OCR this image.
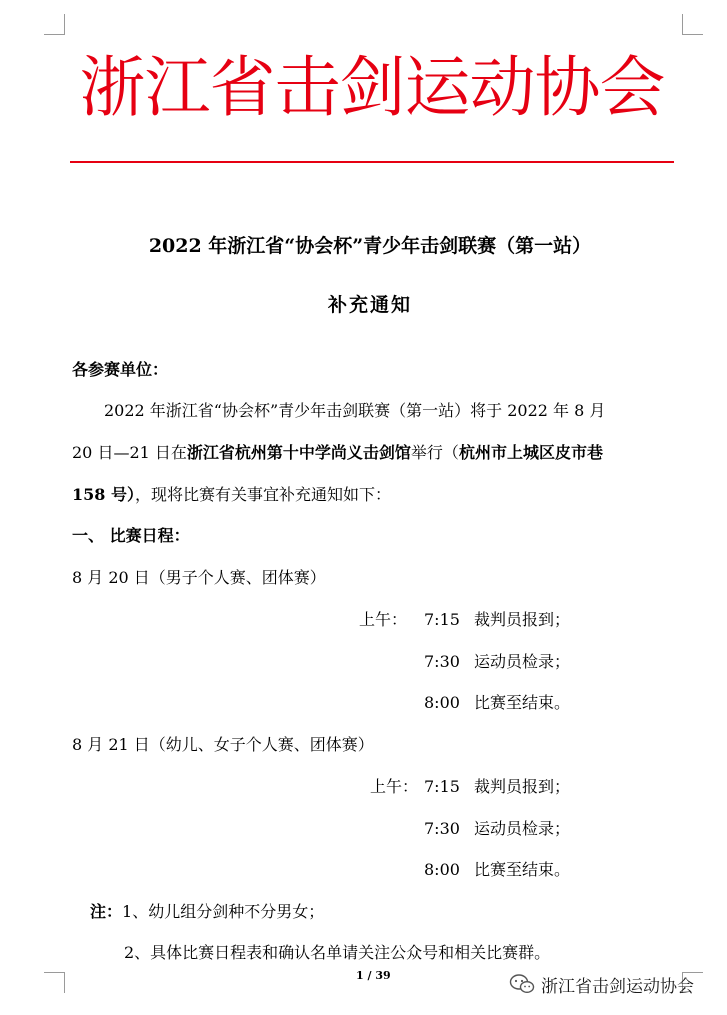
浙江省击剑运动协会
2022 年浙江省“协会杯”青少年击剑联赛（第一站）
补充通知
各参赛单位：
2022 年浙江省“协会杯”青少年击剑联赛（第一站）将于 2022 年 8 月
20 日—21 日在浙江省杭州第十中学尚义击剑馆举行（杭州市上城区皮市巷
158 号），现将比赛有关事宜补充通知如下：
一、 比赛日程：
8 月 20 日（男子个人赛、团体赛）
上午： 7:15 裁判员报到；
7:30 运动员检录；
8:00 比赛至结束。
8 月 21 日（幼儿、女子个人赛、团体赛）
上午： 7:15 裁判员报到；
7:30 运动员检录；
8:00 比赛至结束。
注：1、幼儿组分剑种不分男女；
2、具体比赛日程表和确认名单请关注公众号和相关比赛群。
1 / 39
浙江省击剑运动协会
